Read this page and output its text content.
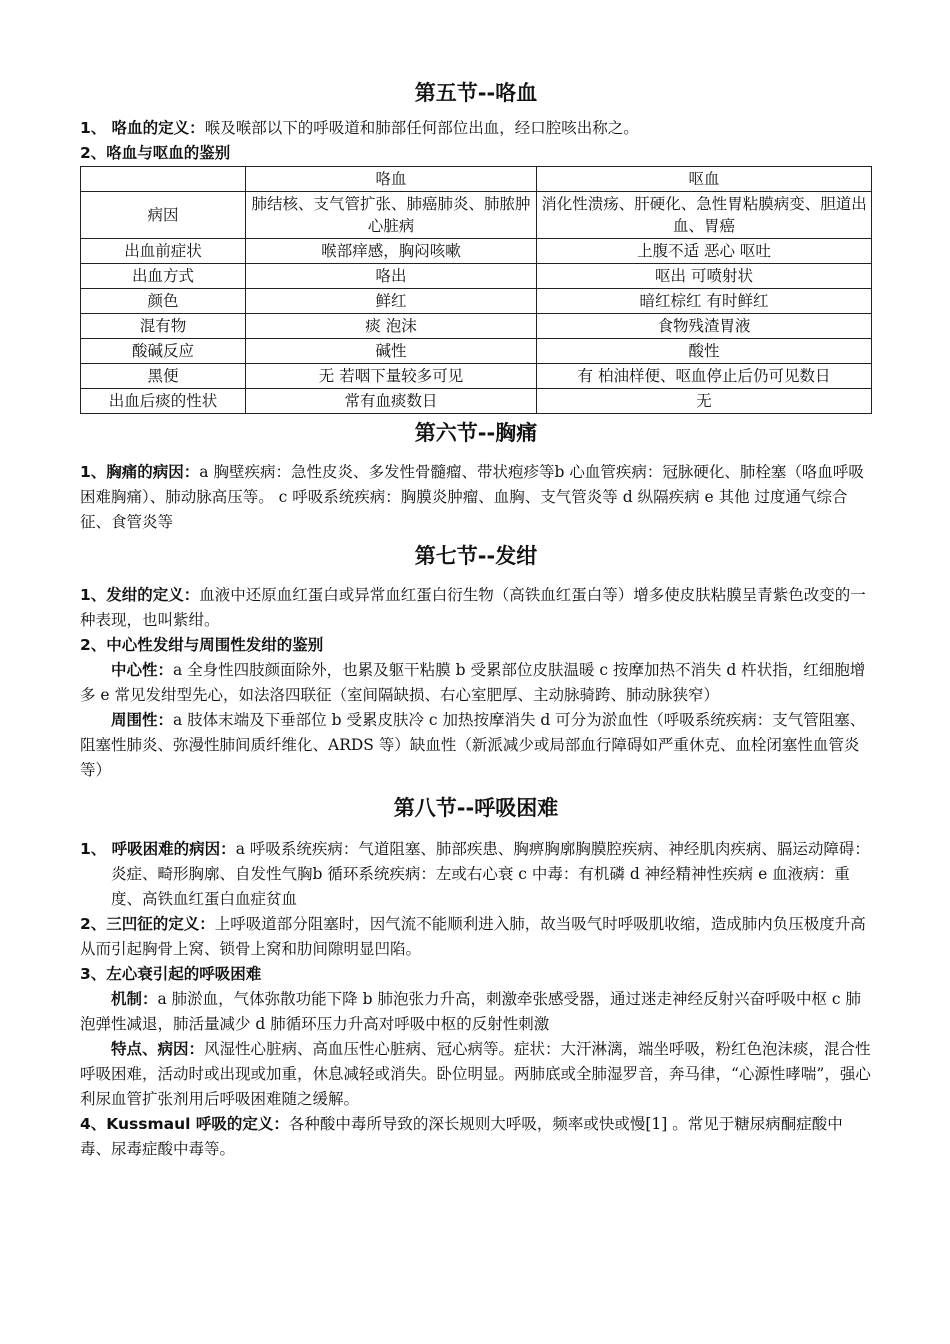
第五节--咯血

1、 咯血的定义：喉及喉部以下的呼吸道和肺部任何部位出血，经口腔咳出称之。

2、咯血与呕血的鉴别

	咯血	呕血
病因	肺结核、支气管扩张、肺癌肺炎、肺脓肿心脏病	消化性溃疡、肝硬化、急性胃粘膜病变、胆道出血、胃癌
出血前症状	喉部痒感，胸闷咳嗽	上腹不适 恶心 呕吐
出血方式	咯出	呕出 可喷射状
颜色	鲜红	暗红棕红 有时鲜红
混有物	痰 泡沫	食物残渣胃液
酸碱反应	碱性	酸性
黑便	无 若咽下量较多可见	有 柏油样便、呕血停止后仍可见数日
出血后痰的性状	常有血痰数日	无
第六节--胸痛

1、胸痛的病因：a 胸壁疾病：急性皮炎、多发性骨髓瘤、带状疱疹等b 心血管疾病：冠脉硬化、肺栓塞（咯血呼吸困难胸痛）、肺动脉高压等。 c 呼吸系统疾病：胸膜炎肿瘤、血胸、支气管炎等 d 纵隔疾病 e 其他 过度通气综合征、食管炎等

第七节--发绀

1、发绀的定义：血液中还原血红蛋白或异常血红蛋白衍生物（高铁血红蛋白等）增多使皮肤粘膜呈青紫色改变的一种表现，也叫紫绀。

2、中心性发绀与周围性发绀的鉴别

中心性：a 全身性四肢颜面除外，也累及躯干粘膜 b 受累部位皮肤温暖 c 按摩加热不消失 d 杵状指，红细胞增多 e 常见发绀型先心，如法洛四联征（室间隔缺损、右心室肥厚、主动脉骑跨、肺动脉狭窄）

周围性：a 肢体末端及下垂部位 b 受累皮肤冷 c 加热按摩消失 d 可分为淤血性（呼吸系统疾病：支气管阻塞、阻塞性肺炎、弥漫性肺间质纤维化、ARDS 等）缺血性（新派减少或局部血行障碍如严重休克、血栓闭塞性血管炎等）

第八节--呼吸困难

1、 呼吸困难的病因：a 呼吸系统疾病：气道阻塞、肺部疾患、胸痹胸廓胸膜腔疾病、神经肌肉疾病、膈运动障碍：炎症、畸形胸廓、自发性气胸b 循环系统疾病：左或右心衰 c 中毒：有机磷 d 神经精神性疾病 e 血液病：重度、高铁血红蛋白血症贫血

2、三凹征的定义：上呼吸道部分阻塞时，因气流不能顺利进入肺，故当吸气时呼吸肌收缩，造成肺内负压极度升高从而引起胸骨上窝、锁骨上窝和肋间隙明显凹陷。

3、左心衰引起的呼吸困难

机制：a 肺淤血，气体弥散功能下降 b 肺泡张力升高，刺激牵张感受器，通过迷走神经反射兴奋呼吸中枢 c 肺泡弹性减退，肺活量减少 d 肺循环压力升高对呼吸中枢的反射性刺激

特点、病因：风湿性心脏病、高血压性心脏病、冠心病等。症状：大汗淋漓，端坐呼吸，粉红色泡沫痰，混合性呼吸困难，活动时或出现或加重，休息减轻或消失。卧位明显。两肺底或全肺湿罗音，奔马律，“心源性哮喘”，强心利尿血管扩张剂用后呼吸困难随之缓解。

4、Kussmaul 呼吸的定义：各种酸中毒所导致的深长规则大呼吸，频率或快或慢[1] 。常见于糖尿病酮症酸中毒、尿毒症酸中毒等。
